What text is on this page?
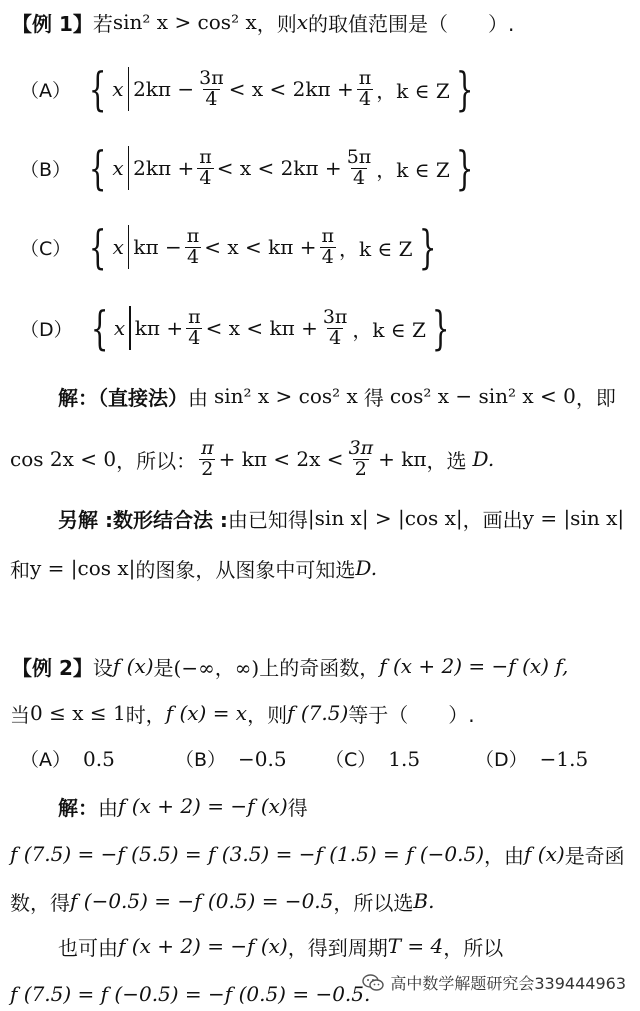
【例 1】 若 sin² x > cos² x ，则 x 的取值范围是（　　）.
（A） { x $2k\pi - \frac{3\pi}{4} < x < 2k\pi + \frac{\pi}{4}$ ，k ∈ Z }
（B） { x $2k\pi + \frac{\pi}{4} < x < 2k\pi + \frac{5\pi}{4}$ ，k ∈ Z }
（C） { x $k\pi - \frac{\pi}{4} < x < k\pi + \frac{\pi}{4}$ ，k ∈ Z }
（D） { x $k\pi + \frac{\pi}{4} < x < k\pi + \frac{3\pi}{4}$ ，k ∈ Z }
解：（直接法） 由 sin² x > cos² x 得 cos² x − sin² x < 0 ，即
cos 2x < 0 ，所以： $\frac{\pi}{2} + k\pi < 2x < \frac{3\pi}{2} + k\pi$ ，选 D.
另解 :数形结合法 : 由已知得 |sin x| > |cos x| ，画出 y = |sin x|
和 y = |cos x| 的图象，从图象中可知选 D.
【例 2】 设 f (x) 是 (−∞，∞) 上的奇函数， f (x + 2) = −f (x) f,
当 0 ≤ x ≤ 1 时， f (x) = x ，则 f (7.5) 等于（　　）.
（A） 0.5	（B） −0.5	（C） 1.5	（D） −1.5
解： 由 f (x + 2) = −f (x) 得
f (7.5) = −f (5.5) = f (3.5) = −f (1.5) = f (−0.5) ，由 f (x) 是奇函
数，得 f (−0.5) = −f (0.5) = −0.5 ，所以选 B.
也可由 f (x + 2) = −f (x) ，得到周期 T = 4 ，所以
f (7.5) = f (−0.5) = −f (0.5) = −0.5. 高中数学解题研究会339444963
